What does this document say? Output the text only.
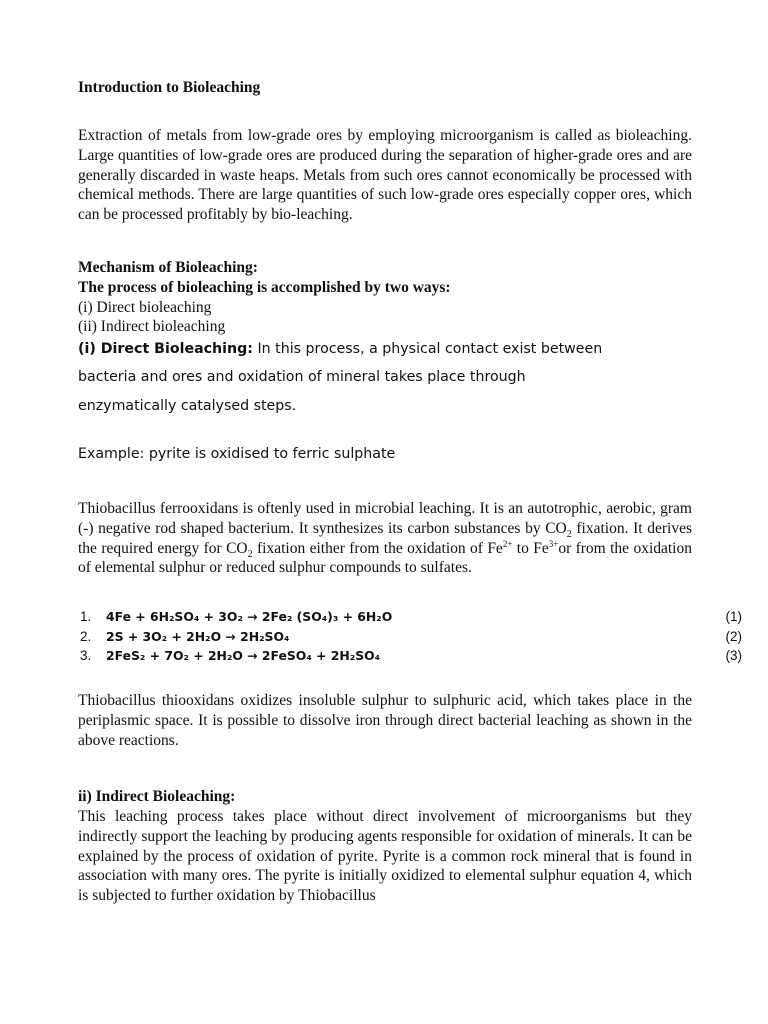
Introduction to Bioleaching
Extraction of metals from low-grade ores by employing microorganism is called as bioleaching. Large quantities of low-grade ores are produced during the separation of higher-grade ores and are generally discarded in waste heaps. Metals from such ores cannot economically be processed with chemical methods. There are large quantities of such low-grade ores especially copper ores, which can be processed profitably by bio-leaching.
Mechanism of Bioleaching:
The process of bioleaching is accomplished by two ways:
(i) Direct bioleaching
(ii) Indirect bioleaching
(i) Direct Bioleaching: In this process, a physical contact exist between
bacteria and ores and oxidation of mineral takes place through
enzymatically catalysed steps.
Example: pyrite is oxidised to ferric sulphate
Thiobacillus ferrooxidans is oftenly used in microbial leaching. It is an autotrophic, aerobic, gram (-) negative rod shaped bacterium. It synthesizes its carbon substances by $CO_2$ fixation. It derives the required energy for $CO_2$ fixation either from the oxidation of $Fe^{2+}$ to $Fe^{3+}or$ from the oxidation of elemental sulphur or reduced sulphur compounds to sulfates.
1. 4Fe + 6H₂SO₄ + 3O₂ → 2Fe₂ (SO₄)₃ + 6H₂O	(1)
2. 2S + 3O₂ + 2H₂O → 2H₂SO₄	(2)
3. 2FeS₂ + 7O₂ + 2H₂O → 2FeSO₄ + 2H₂SO₄	(3)
Thiobacillus thiooxidans oxidizes insoluble sulphur to sulphuric acid, which takes place in the periplasmic space. It is possible to dissolve iron through direct bacterial leaching as shown in the above reactions.
ii) Indirect Bioleaching:
This leaching process takes place without direct involvement of microorganisms but they indirectly support the leaching by producing agents responsible for oxidation of minerals. It can be explained by the process of oxidation of pyrite. Pyrite is a common rock mineral that is found in association with many ores. The pyrite is initially oxidized to elemental sulphur equation 4, which is subjected to further oxidation by Thiobacillus
